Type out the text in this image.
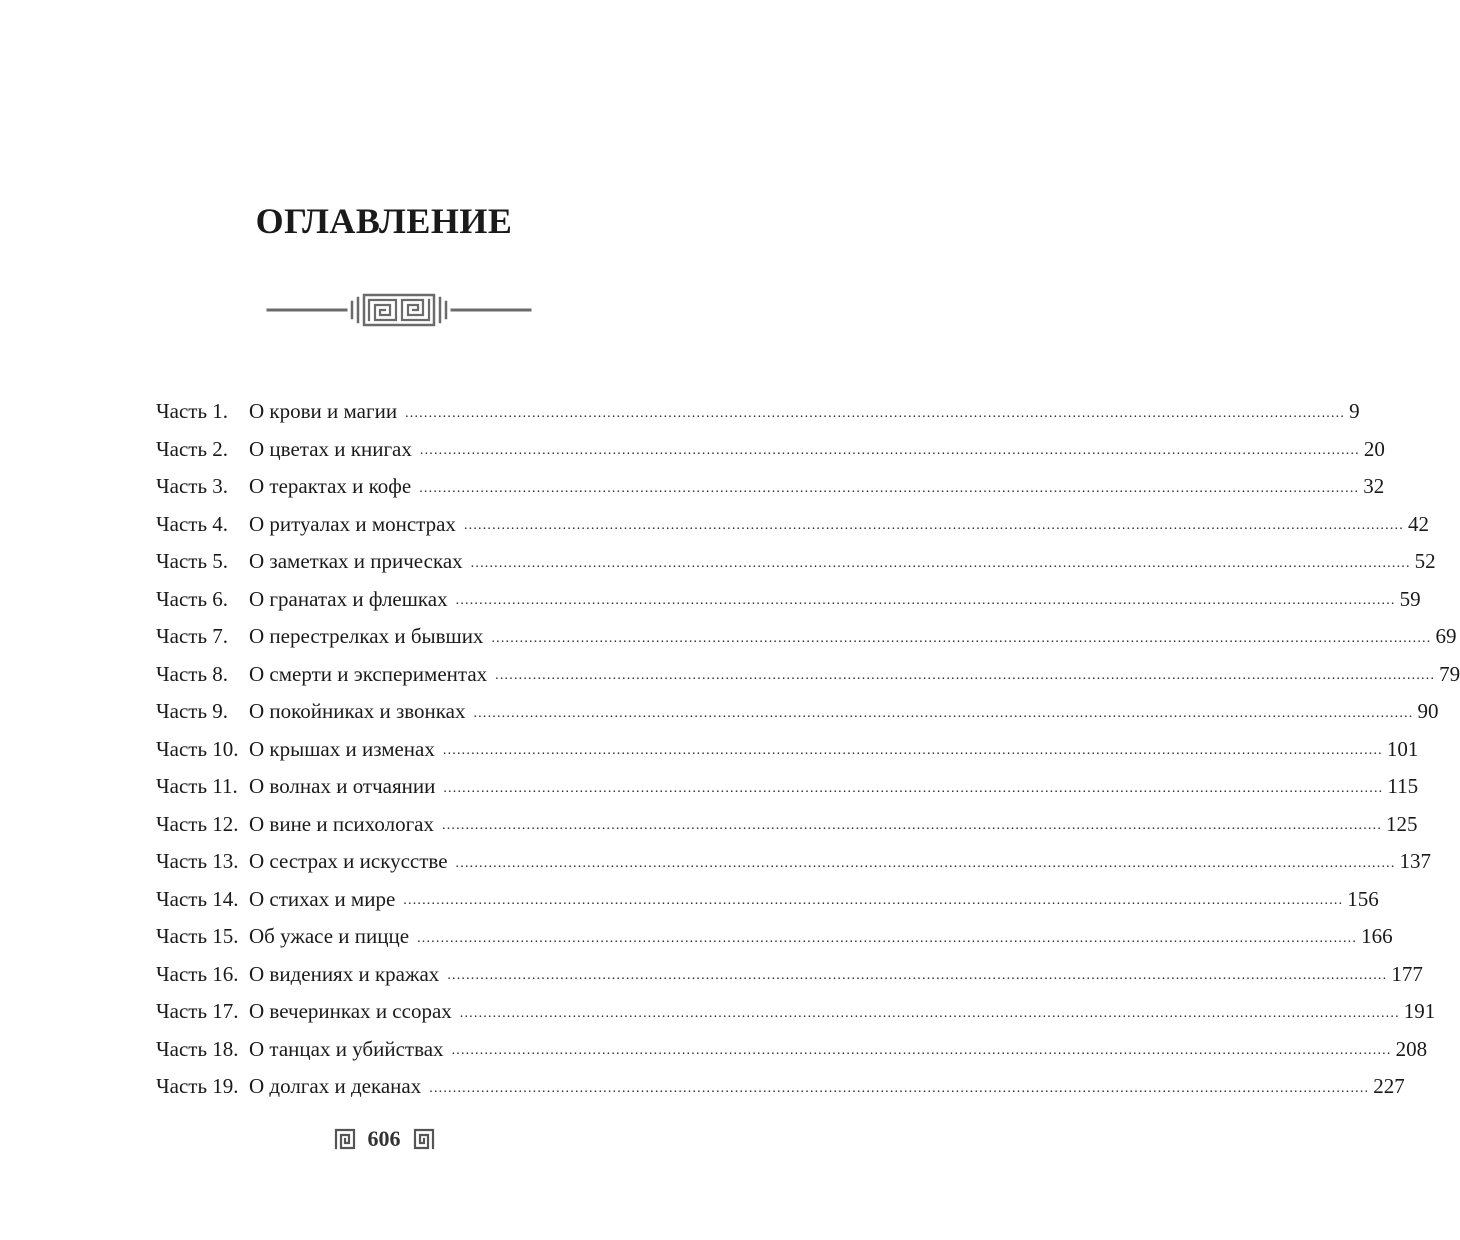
ОГЛАВЛЕНИЕ
Часть 1. О крови и магии ........................................................................................................................................................................................................ 9
Часть 2. О цветах и книгах ........................................................................................................................................................................................................ 20
Часть 3. О терактах и кофе ........................................................................................................................................................................................................ 32
Часть 4. О ритуалах и монстрах ........................................................................................................................................................................................................ 42
Часть 5. О заметках и прическах ........................................................................................................................................................................................................ 52
Часть 6. О гранатах и флешках ........................................................................................................................................................................................................ 59
Часть 7. О перестрелках и бывших ........................................................................................................................................................................................................ 69
Часть 8. О смерти и экспериментах ........................................................................................................................................................................................................ 79
Часть 9. О покойниках и звонках ........................................................................................................................................................................................................ 90
Часть 10. О крышах и изменах ........................................................................................................................................................................................................ 101
Часть 11. О волнах и отчаянии ........................................................................................................................................................................................................ 115
Часть 12. О вине и психологах ........................................................................................................................................................................................................ 125
Часть 13. О сестрах и искусстве ........................................................................................................................................................................................................ 137
Часть 14. О стихах и мире ........................................................................................................................................................................................................ 156
Часть 15. Об ужасе и пицце ........................................................................................................................................................................................................ 166
Часть 16. О видениях и кражах ........................................................................................................................................................................................................ 177
Часть 17. О вечеринках и ссорах ........................................................................................................................................................................................................ 191
Часть 18. О танцах и убийствах ........................................................................................................................................................................................................ 208
Часть 19. О долгах и деканах ........................................................................................................................................................................................................ 227
606
